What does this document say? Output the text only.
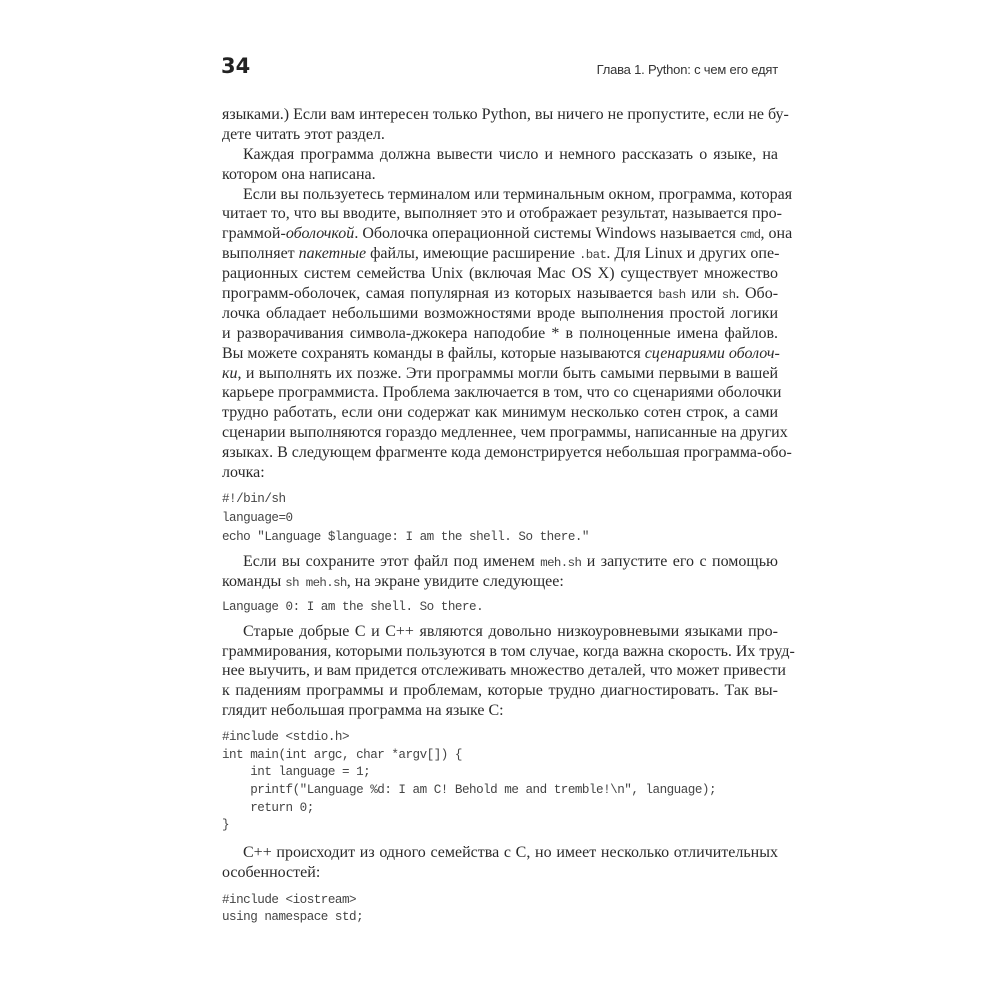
34	Глава 1. Python: с чем его едят
языками.) Если вам интересен только Python, вы ничего не пропустите, если не бу-
дете читать этот раздел.
Каждая программа должна вывести число и немного рассказать о языке, на
котором она написана.
Если вы пользуетесь терминалом или терминальным окном, программа, которая
читает то, что вы вводите, выполняет это и отображает результат, называется про-
граммой-оболочкой. Оболочка операционной системы Windows называется cmd, она
выполняет пакетные файлы, имеющие расширение .bat. Для Linux и других опе-
рационных систем семейства Unix (включая Mac OS X) существует множество
программ-оболочек, самая популярная из которых называется bash или sh. Обо-
лочка обладает небольшими возможностями вроде выполнения простой логики
и разворачивания символа-джокера наподобие * в полноценные имена файлов.
Вы можете сохранять команды в файлы, которые называются сценариями оболоч-
ки, и выполнять их позже. Эти программы могли быть самыми первыми в вашей
карьере программиста. Проблема заключается в том, что со сценариями оболочки
трудно работать, если они содержат как минимум несколько сотен строк, а сами
сценарии выполняются гораздо медленнее, чем программы, написанные на других
языках. В следующем фрагменте кода демонстрируется небольшая программа-обо-
лочка:
#!/bin/sh
language=0
echo "Language $language: I am the shell. So there."
Если вы сохраните этот файл под именем meh.sh и запустите его с помощью
команды sh meh.sh, на экране увидите следующее:
Language 0: I am the shell. So there.
Старые добрые C и C++ являются довольно низкоуровневыми языками про-
граммирования, которыми пользуются в том случае, когда важна скорость. Их труд-
нее выучить, и вам придется отслеживать множество деталей, что может привести
к падениям программы и проблемам, которые трудно диагностировать. Так вы-
глядит небольшая программа на языке C:
#include <stdio.h>
int main(int argc, char *argv[]) {
int language = 1;
printf("Language %d: I am C! Behold me and tremble!\n", language);
return 0;
}
C++ происходит из одного семейства с C, но имеет несколько отличительных
особенностей:
#include <iostream>
using namespace std;
